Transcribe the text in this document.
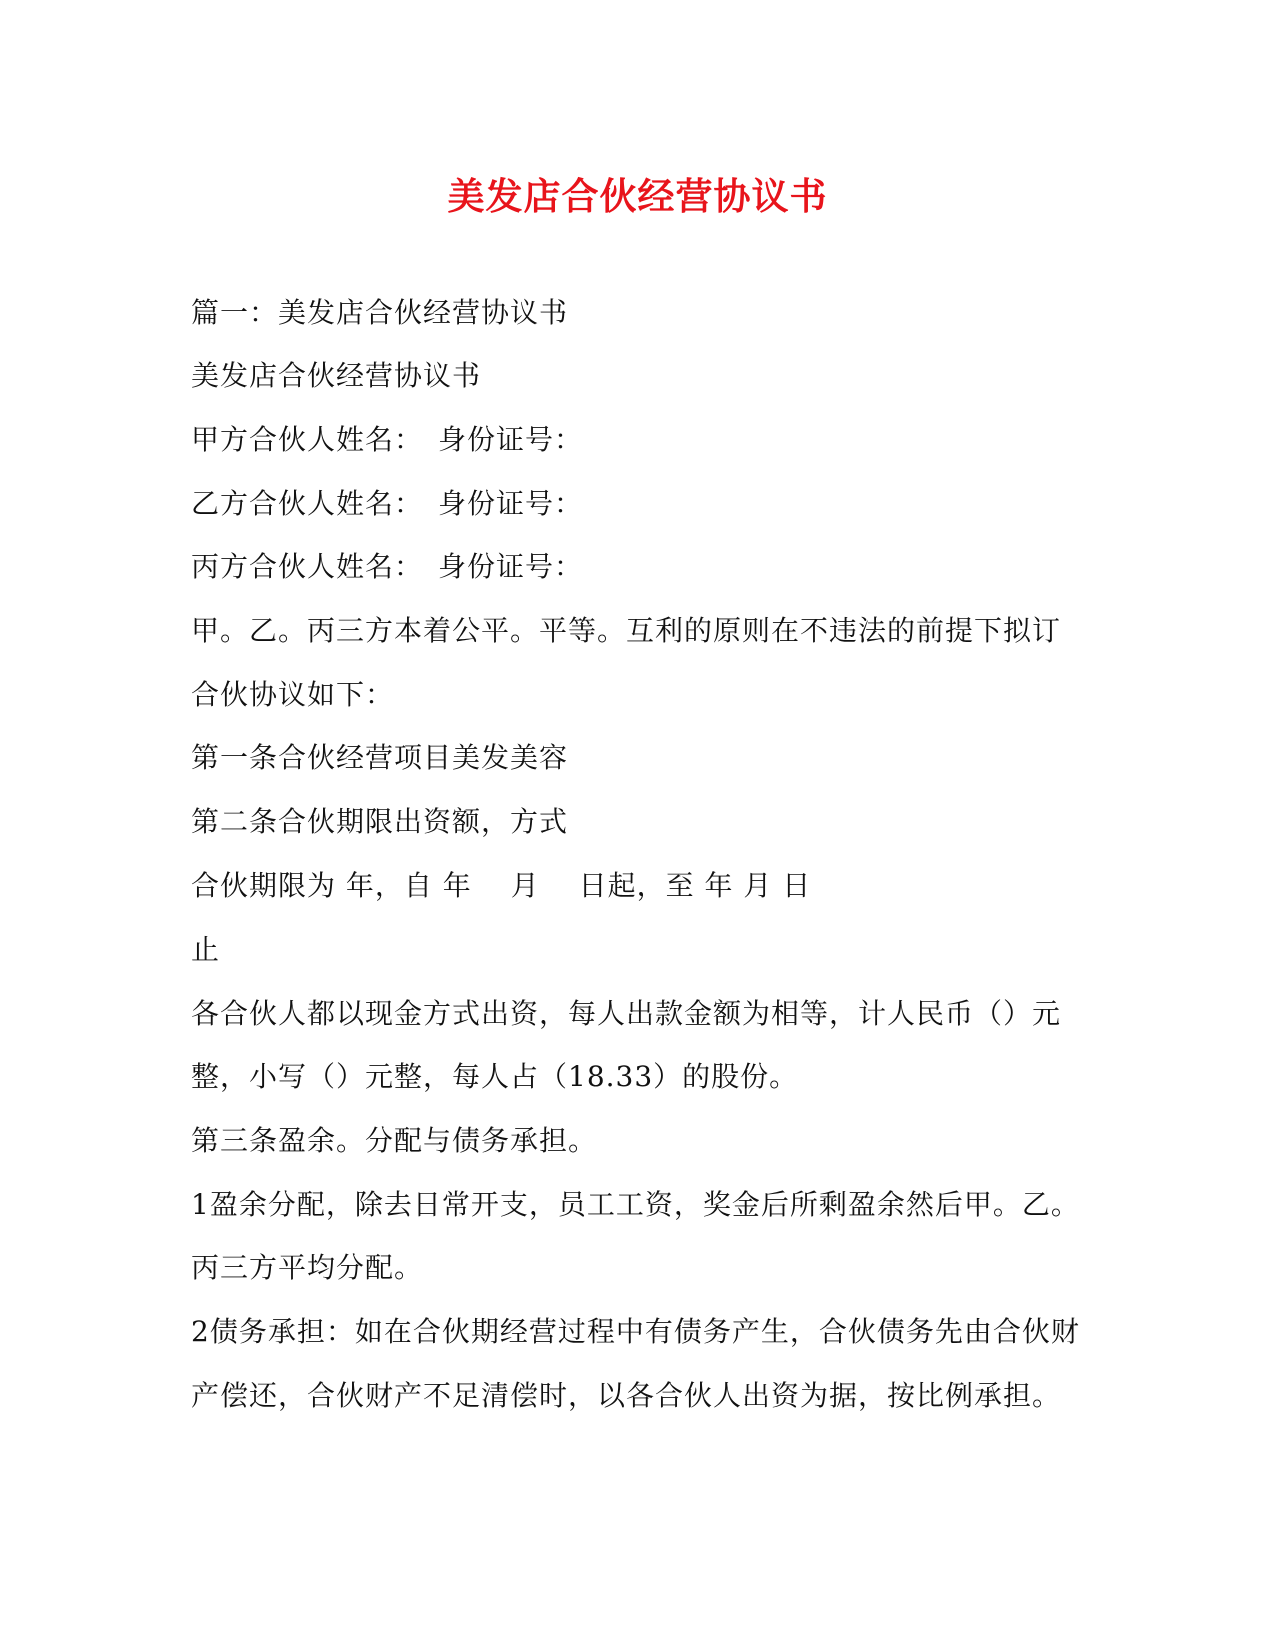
美发店合伙经营协议书

篇一：美发店合伙经营协议书

美发店合伙经营协议书

甲方合伙人姓名：　身份证号：

乙方合伙人姓名：　身份证号：

丙方合伙人姓名：　身份证号：

甲。乙。丙三方本着公平。平等。互利的原则在不违法的前提下拟订

合伙协议如下：

第一条合伙经营项目美发美容

第二条合伙期限出资额，方式

合伙期限为 年，自 年　 月　 日起，至 年 月 日

止

各合伙人都以现金方式出资，每人出款金额为相等，计人民币（）元

整，小写（）元整，每人占（18.33）的股份。

第三条盈余。分配与债务承担。

1盈余分配，除去日常开支，员工工资，奖金后所剩盈余然后甲。乙。

丙三方平均分配。

2债务承担：如在合伙期经营过程中有债务产生，合伙债务先由合伙财

产偿还，合伙财产不足清偿时，以各合伙人出资为据，按比例承担。
